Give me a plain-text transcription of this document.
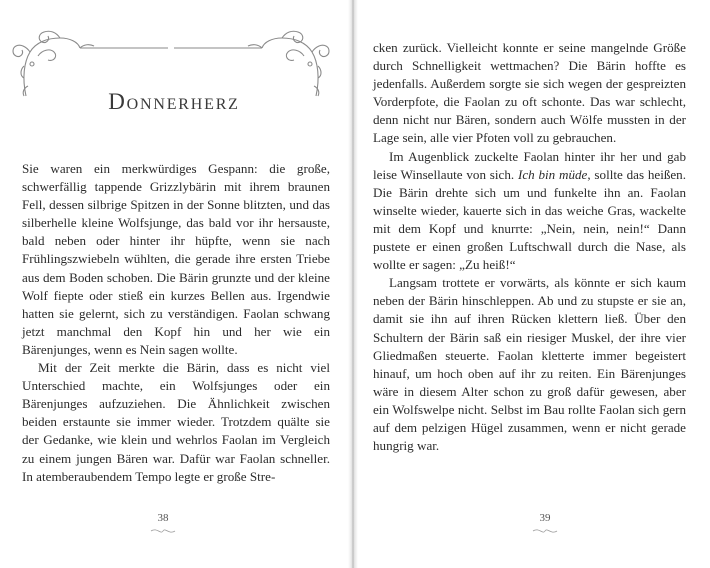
Donnerherz

Sie waren ein merkwürdiges Gespann: die große, schwerfällig tappende Grizzlybärin mit ihrem braunen Fell, dessen silbrige Spitzen in der Sonne blitzten, und das silberhelle kleine Wolfsjunge, das bald vor ihr hersauste, bald neben oder hinter ihr hüpfte, wenn sie nach Frühlingszwiebeln wühlten, die gerade ihre ersten Triebe aus dem Boden schoben. Die Bärin grunzte und der kleine Wolf fiepte oder stieß ein kurzes Bellen aus. Irgendwie hatten sie gelernt, sich zu verständigen. Faolan schwang jetzt manchmal den Kopf hin und her wie ein Bärenjunges, wenn es Nein sagen wollte.

Mit der Zeit merkte die Bärin, dass es nicht viel Unterschied machte, ein Wolfsjunges oder ein Bärenjunges aufzuziehen. Die Ähnlichkeit zwischen beiden erstaunte sie immer wieder. Trotzdem quälte sie der Gedanke, wie klein und wehrlos Faolan im Vergleich zu einem jungen Bären war. Dafür war Faolan schneller. In atemberaubendem Tempo legte er große Stre-

38

cken zurück. Vielleicht konnte er seine mangelnde Größe durch Schnelligkeit wettmachen? Die Bärin hoffte es jedenfalls. Außerdem sorgte sie sich wegen der gespreizten Vorderpfote, die Faolan zu oft schonte. Das war schlecht, denn nicht nur Bären, sondern auch Wölfe mussten in der Lage sein, alle vier Pfoten voll zu gebrauchen.

Im Augenblick zuckelte Faolan hinter ihr her und gab leise Winsellaute von sich. Ich bin müde, sollte das heißen. Die Bärin drehte sich um und funkelte ihn an. Faolan winselte wieder, kauerte sich in das weiche Gras, wackelte mit dem Kopf und knurrte: „Nein, nein, nein!“ Dann pustete er einen großen Luftschwall durch die Nase, als wollte er sagen: „Zu heiß!“

Langsam trottete er vorwärts, als könnte er sich kaum neben der Bärin hinschleppen. Ab und zu stupste er sie an, damit sie ihn auf ihren Rücken klettern ließ. Über den Schultern der Bärin saß ein riesiger Muskel, der ihre vier Gliedmaßen steuerte. Faolan kletterte immer begeistert hinauf, um hoch oben auf ihr zu reiten. Ein Bärenjunges wäre in diesem Alter schon zu groß dafür gewesen, aber ein Wolfswelpe nicht. Selbst im Bau rollte Faolan sich gern auf dem pelzigen Hügel zusammen, wenn er nicht gerade hungrig war.

39
